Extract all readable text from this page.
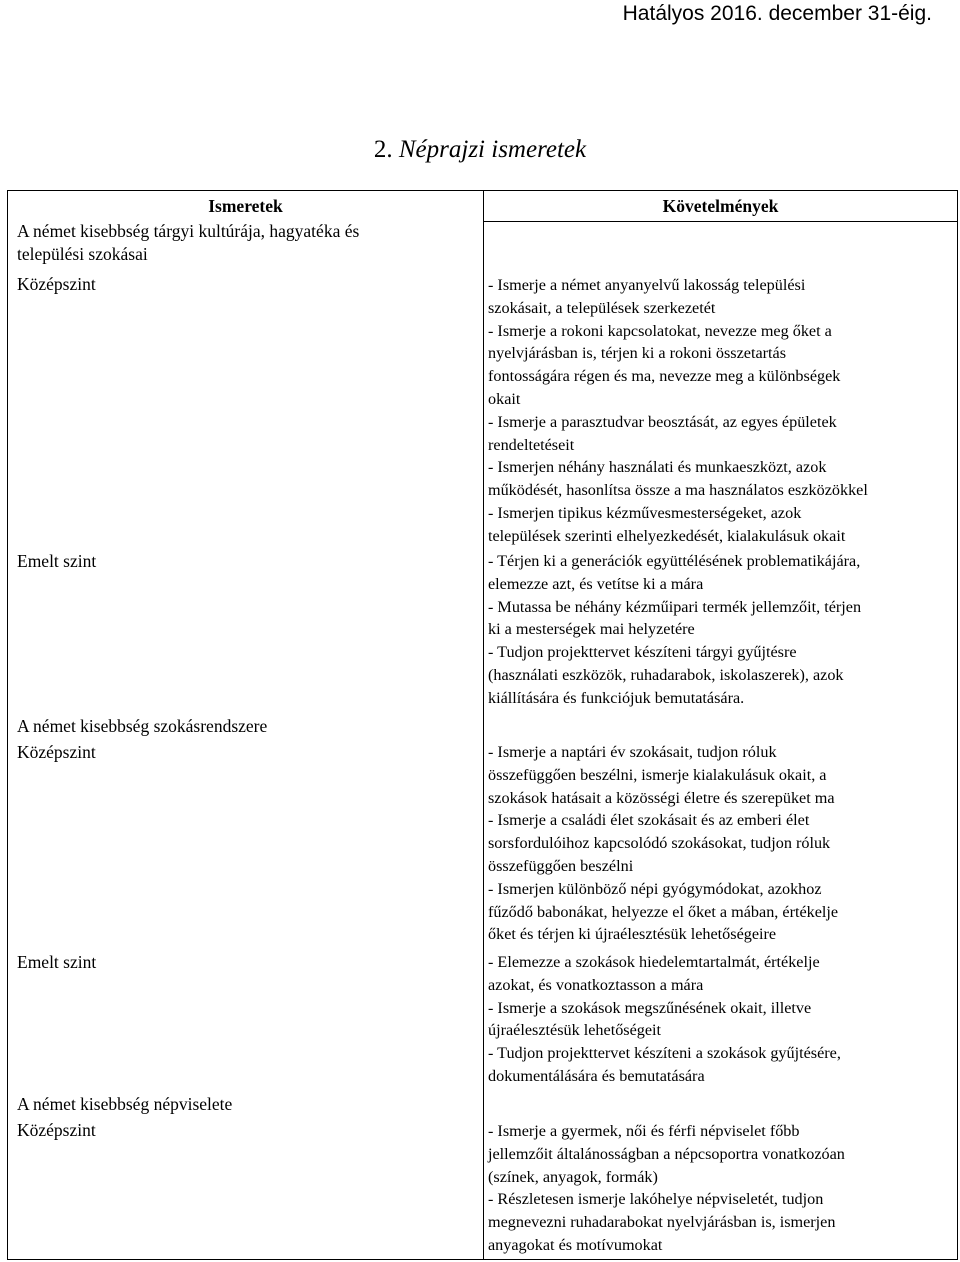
Hatályos 2016. december 31-éig.
2. Néprajzi ismeretek
Ismeretek	Követelmények
A német kisebbség tárgyi kultúrája, hagyatéka és
települési szokásai
Középszint	- Ismerje a német anyanyelvű lakosság települési
szokásait, a települések szerkezetét
- Ismerje a rokoni kapcsolatokat, nevezze meg őket a
nyelvjárásban is, térjen ki a rokoni összetartás
fontosságára régen és ma, nevezze meg a különbségek
okait
- Ismerje a parasztudvar beosztását, az egyes épületek
rendeltetéseit
- Ismerjen néhány használati és munkaeszközt, azok
működését, hasonlítsa össze a ma használatos eszközökkel
- Ismerjen tipikus kézművesmesterségeket, azok
települések szerinti elhelyezkedését, kialakulásuk okait
Emelt szint	- Térjen ki a generációk együttélésének problematikájára,
elemezze azt, és vetítse ki a mára
- Mutassa be néhány kézműipari termék jellemzőit, térjen
ki a mesterségek mai helyzetére
- Tudjon projekttervet készíteni tárgyi gyűjtésre
(használati eszközök, ruhadarabok, iskolaszerek), azok
kiállítására és funkciójuk bemutatására.
A német kisebbség szokásrendszere
Középszint	- Ismerje a naptári év szokásait, tudjon róluk
összefüggően beszélni, ismerje kialakulásuk okait, a
szokások hatásait a közösségi életre és szerepüket ma
- Ismerje a családi élet szokásait és az emberi élet
sorsfordulóihoz kapcsolódó szokásokat, tudjon róluk
összefüggően beszélni
- Ismerjen különböző népi gyógymódokat, azokhoz
fűződő babonákat, helyezze el őket a mában, értékelje
őket és térjen ki újraélesztésük lehetőségeire
Emelt szint	- Elemezze a szokások hiedelemtartalmát, értékelje
azokat, és vonatkoztasson a mára
- Ismerje a szokások megszűnésének okait, illetve
újraélesztésük lehetőségeit
- Tudjon projekttervet készíteni a szokások gyűjtésére,
dokumentálására és bemutatására
A német kisebbség népviselete
Középszint	- Ismerje a gyermek, női és férfi népviselet főbb
jellemzőit általánosságban a népcsoportra vonatkozóan
(színek, anyagok, formák)
- Részletesen ismerje lakóhelye népviseletét, tudjon
megnevezni ruhadarabokat nyelvjárásban is, ismerjen
anyagokat és motívumokat
